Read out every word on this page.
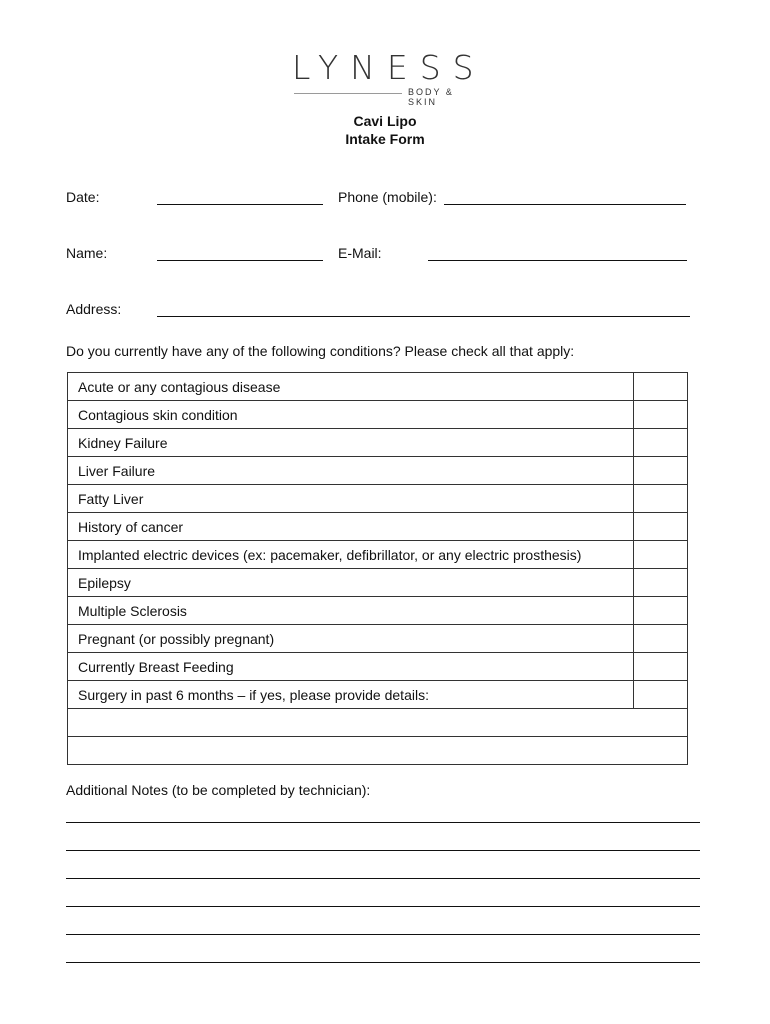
LYNESS
BODY & SKIN
Cavi Lipo
Intake Form
Date:	Phone (mobile):
Name:	E-Mail:
Address:
Do you currently have any of the following conditions? Please check all that apply:
Acute or any contagious disease	
Contagious skin condition	
Kidney Failure	
Liver Failure	
Fatty Liver	
History of cancer	
Implanted electric devices (ex: pacemaker, defibrillator, or any electric prosthesis)	
Epilepsy	
Multiple Sclerosis	
Pregnant (or possibly pregnant)	
Currently Breast Feeding	
Surgery in past 6 months – if yes, please provide details:	

Additional Notes (to be completed by technician):
